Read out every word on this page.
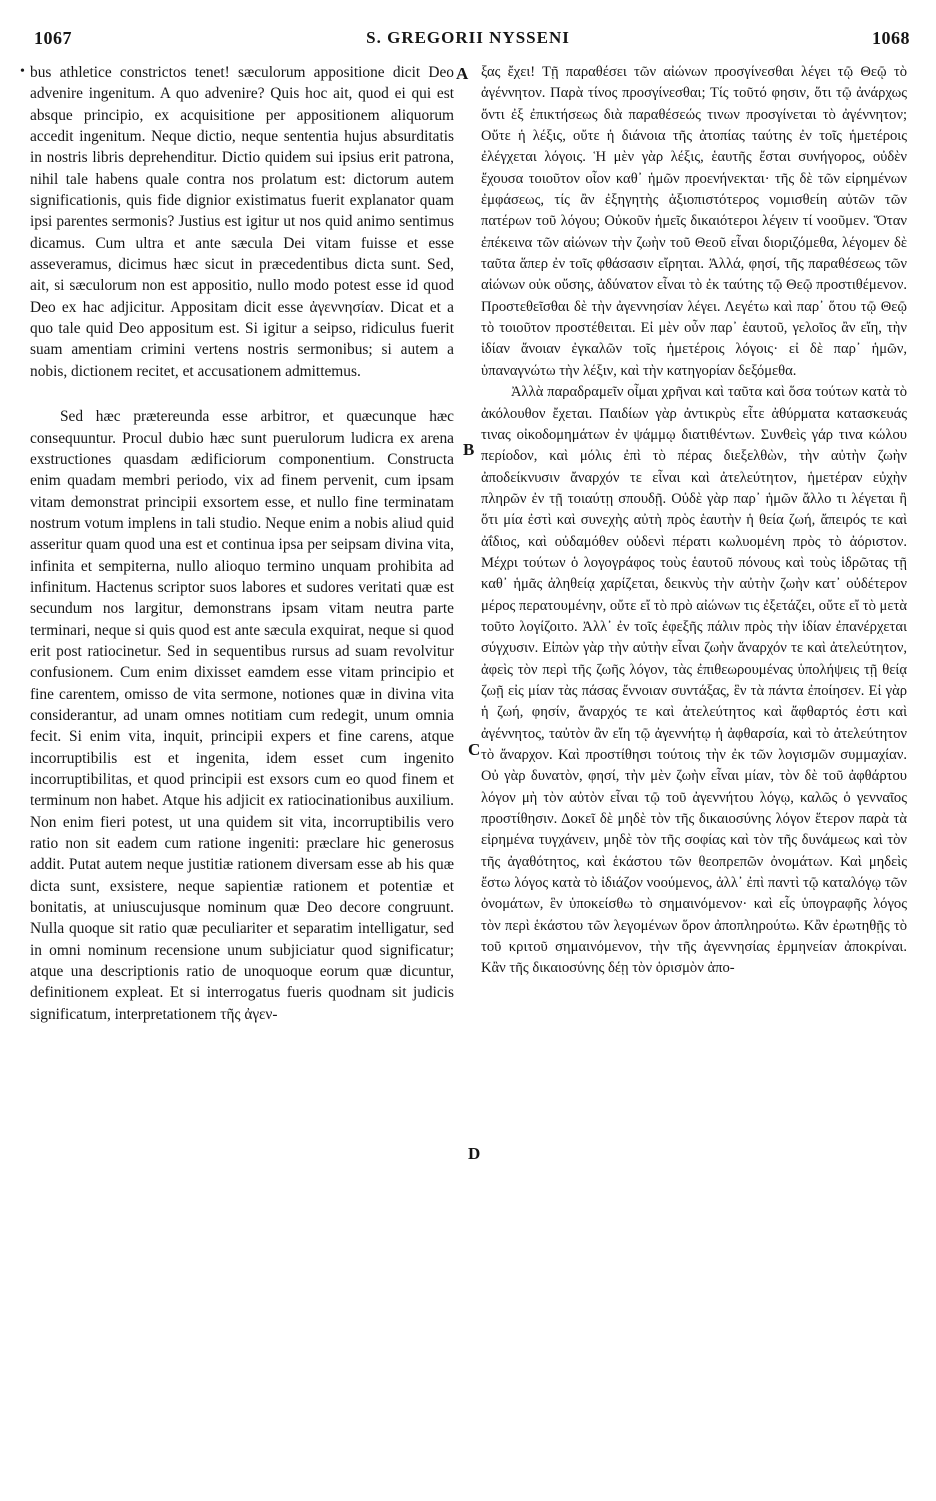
1067	S. GREGORII NYSSENI	1068
•	A
B
C
D

bus athletice constrictos tenet! sæculorum appositione dicit Deo advenire ingenitum. A quo advenire? Quis hoc ait, quod ei qui est absque principio, ex acquisitione per appositionem aliquorum accedit ingenitum. Neque dictio, neque sententia hujus absurditatis in nostris libris deprehenditur. Dictio quidem sui ipsius erit patrona, nihil tale habens quale contra nos prolatum est: dictorum autem significationis, quis fide dignior existimatus fuerit explanator quam ipsi parentes sermonis? Justius est igitur ut nos quid animo sentimus dicamus. Cum ultra et ante sæcula Dei vitam fuisse et esse asseveramus, dicimus hæc sicut in præcedentibus dicta sunt. Sed, ait, si sæculorum non est appositio, nullo modo potest esse id quod Deo ex hac adjicitur. Appositam dicit esse ἀγεννησίαν. Dicat et a quo tale quid Deo appositum est. Si igitur a seipso, ridiculus fuerit suam amentiam crimini vertens nostris sermonibus; si autem a nobis, dictionem recitet, et accusationem admittemus.

Sed hæc prætereunda esse arbitror, et quæcunque hæc consequuntur. Procul dubio hæc sunt puerulorum ludicra ex arena exstructiones quasdam ædificiorum componentium. Constructa enim quadam membri periodo, vix ad finem pervenit, cum ipsam vitam demonstrat principii exsortem esse, et nullo fine terminatam nostrum votum implens in tali studio. Neque enim a nobis aliud quid asseritur quam quod una est et continua ipsa per seipsam divina vita, infinita et sempiterna, nullo alioquo termino unquam prohibita ad infinitum. Hactenus scriptor suos labores et sudores veritati quæ est secundum nos largitur, demonstrans ipsam vitam neutra parte terminari, neque si quis quod est ante sæcula exquirat, neque si quod erit post ratiocinetur. Sed in sequentibus rursus ad suam revolvitur confusionem. Cum enim dixisset eamdem esse vitam principio et fine carentem, omisso de vita sermone, notiones quæ in divina vita considerantur, ad unam omnes notitiam cum redegit, unum omnia fecit. Si enim vita, inquit, principii expers et fine carens, atque incorruptibilis est et ingenita, idem esset cum ingenito incorruptibilitas, et quod principii est exsors cum eo quod finem et terminum non habet. Atque his adjicit ex ratiocinationibus auxilium. Non enim fieri potest, ut una quidem sit vita, incorruptibilis vero ratio non sit eadem cum ratione ingeniti: præclare hic generosus addit. Putat autem neque justitiæ rationem diversam esse ab his quæ dicta sunt, exsistere, neque sapientiæ rationem et potentiæ et bonitatis, at uniuscujusque nominum quæ Deo decore congruunt. Nulla quoque sit ratio quæ peculiariter et separatim intelligatur, sed in omni nominum recensione unum subjiciatur quod significatur; atque una descriptionis ratio de unoquoque eorum quæ dicuntur, definitionem expleat. Et si interrogatus fueris quodnam sit judicis significatum, interpretationem τῆς ἀγεν-

ξας ἔχει! Τῇ παραθέσει τῶν αἰώνων προσγίνεσθαι λέγει τῷ Θεῷ τὸ ἀγέννητον. Παρὰ τίνος προσγίνεσθαι; Τίς τοῦτό φησιν, ὅτι τῷ ἀνάρχως ὄντι ἐξ ἐπικτήσεως διὰ παραθέσεώς τινων προσγίνεται τὸ ἀγέννητον; Οὔτε ἡ λέξις, οὔτε ἡ διάνοια τῆς ἀτοπίας ταύτης ἐν τοῖς ἡμετέροις ἐλέγχεται λόγοις. Ἡ μὲν γὰρ λέξις, ἑαυτῆς ἔσται συνήγορος, οὐδὲν ἔχουσα τοιοῦτον οἷον καθ᾽ ἡμῶν προενήνεκται· τῆς δὲ τῶν εἰρημένων ἐμφάσεως, τίς ἂν ἐξηγητὴς ἀξιοπιστότερος νομισθείη αὐτῶν τῶν πατέρων τοῦ λόγου; Οὐκοῦν ἡμεῖς δικαιότεροι λέγειν τί νοοῦμεν. Ὅταν ἐπέκεινα τῶν αἰώνων τὴν ζωὴν τοῦ Θεοῦ εἶναι διοριζόμεθα, λέγομεν δὲ ταῦτα ἅπερ ἐν τοῖς φθάσασιν εἴρηται. Ἀλλά, φησί, τῆς παραθέσεως τῶν αἰώνων οὐκ οὔσης, ἀδύνατον εἶναι τὸ ἐκ ταύτης τῷ Θεῷ προστιθέμενον. Προστεθεῖσθαι δὲ τὴν ἀγεννησίαν λέγει. Λεγέτω καὶ παρ᾽ ὅτου τῷ Θεῷ τὸ τοιοῦτον προστέθειται. Εἰ μὲν οὖν παρ᾽ ἑαυτοῦ, γελοῖος ἂν εἴη, τὴν ἰδίαν ἄνοιαν ἐγκαλῶν τοῖς ἡμετέροις λόγοις· εἰ δὲ παρ᾽ ἡμῶν, ὑπαναγνώτω τὴν λέξιν, καὶ τὴν κατηγορίαν δεξόμεθα.

Ἀλλὰ παραδραμεῖν οἶμαι χρῆναι καὶ ταῦτα καὶ ὅσα τούτων κατὰ τὸ ἀκόλουθον ἔχεται. Παιδίων γὰρ ἀντικρὺς εἶτε ἀθύρματα κατασκευάς τινας οἰκοδομημάτων ἐν ψάμμῳ διατιθέντων. Συνθεὶς γάρ τινα κώλου περίοδον, καὶ μόλις ἐπὶ τὸ πέρας διεξελθὼν, τὴν αὐτὴν ζωὴν ἀποδείκνυσιν ἄναρχόν τε εἶναι καὶ ἀτελεύτητον, ἡμετέραν εὐχὴν πληρῶν ἐν τῇ τοιαύτῃ σπουδῇ. Οὐδὲ γὰρ παρ᾽ ἡμῶν ἄλλο τι λέγεται ἢ ὅτι μία ἐστὶ καὶ συνεχὴς αὐτὴ πρὸς ἑαυτὴν ἡ θεία ζωή, ἄπειρός τε καὶ ἀΐδιος, καὶ οὐδαμόθεν οὐδενὶ πέρατι κωλυομένη πρὸς τὸ ἀόριστον. Μέχρι τούτων ὁ λογογράφος τοὺς ἑαυτοῦ πόνους καὶ τοὺς ἱδρῶτας τῇ καθ᾽ ἡμᾶς ἀληθείᾳ χαρίζεται, δεικνὺς τὴν αὐτὴν ζωὴν κατ᾽ οὐδέτερον μέρος περατουμένην, οὔτε εἴ τὸ πρὸ αἰώνων τις ἐξετάζει, οὔτε εἴ τὸ μετὰ τοῦτο λογίζοιτο. Ἀλλ᾽ ἐν τοῖς ἐφεξῆς πάλιν πρὸς τὴν ἰδίαν ἐπανέρχεται σύγχυσιν. Εἰπὼν γὰρ τὴν αὐτὴν εἶναι ζωὴν ἄναρχόν τε καὶ ἀτελεύτητον, ἀφεὶς τὸν περὶ τῆς ζωῆς λόγον, τὰς ἐπιθεωρουμένας ὑπολήψεις τῇ θείᾳ ζωῇ εἰς μίαν τὰς πάσας ἔννοιαν συντάξας, ἓν τὰ πάντα ἐποίησεν. Εἰ γὰρ ἡ ζωή, φησίν, ἄναρχός τε καὶ ἀτελεύτητος καὶ ἄφθαρτός ἐστι καὶ ἀγέννητος, ταὐτὸν ἂν εἴη τῷ ἀγεννήτῳ ἡ ἀφθαρσία, καὶ τὸ ἀτελεύτητον τὸ ἄναρχον. Καὶ προστίθησι τούτοις τὴν ἐκ τῶν λογισμῶν συμμαχίαν. Οὐ γὰρ δυνατὸν, φησί, τὴν μὲν ζωὴν εἶναι μίαν, τὸν δὲ τοῦ ἀφθάρτου λόγον μὴ τὸν αὐτὸν εἶναι τῷ τοῦ ἀγεννήτου λόγῳ, καλῶς ὁ γενναῖος προστίθησιν. Δοκεῖ δὲ μηδὲ τὸν τῆς δικαιοσύνης λόγον ἕτερον παρὰ τὰ εἰρημένα τυγχάνειν, μηδὲ τὸν τῆς σοφίας καὶ τὸν τῆς δυνάμεως καὶ τὸν τῆς ἀγαθότητος, καὶ ἑκάστου τῶν θεοπρεπῶν ὀνομάτων. Καὶ μηδεὶς ἔστω λόγος κατὰ τὸ ἰδιάζον νοούμενος, ἀλλ᾽ ἐπὶ παντὶ τῷ καταλόγῳ τῶν ὀνομάτων, ἓν ὑποκείσθω τὸ σημαινόμενον· καὶ εἷς ὑπογραφῆς λόγος τὸν περὶ ἑκάστου τῶν λεγομένων ὅρον ἀποπληρούτω. Κἂν ἐρωτηθῇς τὸ τοῦ κριτοῦ σημαινόμενον, τὴν τῆς ἀγεννησίας ἑρμηνείαν ἀποκρίναι. Κἂν τῆς δικαιοσύνης δέῃ τὸν ὁρισμὸν ἀπο-
